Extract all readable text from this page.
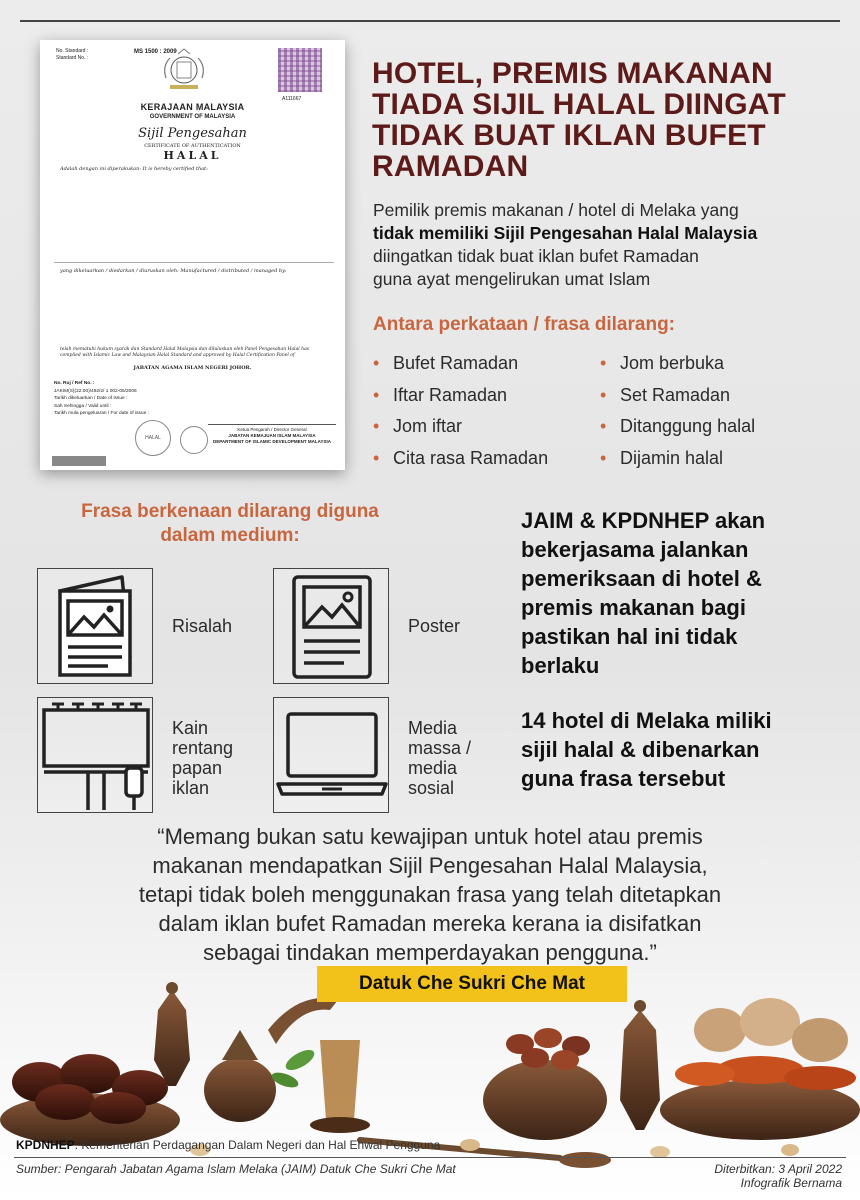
No. Standard :
Standard No. :
MS 1500 : 2009
A111667
KERAJAAN MALAYSIA
GOVERNMENT OF MALAYSIA
Sijil Pengesahan
CERTIFICATE OF AUTHENTICATION
HALAL
Adalah dengan ini diperakukan: It is hereby certified that:
yang dikeluarkan / diedarkan / diuruskan oleh: Manufactured / distributed / managed by:
telah mematuhi hukum syarak dan Standard Halal Malaysia dan diluluskan oleh Panel Pengesahan Halal has complied with Islamic Law and Malaysian Halal Standard and approved by Halal Certification Panel of
JABATAN AGAMA ISLAM NEGERI JOHOR.
No. Ruj / Ref No. :
JAKIM(S)(22.00)/492/2/ 1 002-05/2006
Tarikh dikeluarkan / Date of issue :
Sah Sehingga / Valid until :
Tarikh mula pengeluaran / For date of issue :
HALAL
Ketua Pengarah / Director General
JABATAN KEMAJUAN ISLAM MALAYSIA
DEPARTMENT OF ISLAMIC DEVELOPMENT MALAYSIA
HOTEL, PREMIS MAKANAN TIADA SIJIL HALAL DIINGAT TIDAK BUAT IKLAN BUFET RAMADAN
Pemilik premis makanan / hotel di Melaka yang
tidak memiliki Sijil Pengesahan Halal Malaysia
diingatkan tidak buat iklan bufet Ramadan
guna ayat mengelirukan umat Islam
Antara perkataan / frasa dilarang:
• Bufet Ramadan
• Iftar Ramadan
• Jom iftar
• Cita rasa Ramadan
• Jom berbuka
• Set Ramadan
• Ditanggung halal
• Dijamin halal
Frasa berkenaan dilarang diguna
dalam medium:
Risalah	Poster
Kain
rentang
papan
iklan
Media
massa /
media
sosial
JAIM & KPDNHEP akan
bekerjasama jalankan
pemeriksaan di hotel &
premis makanan bagi
pastikan hal ini tidak
berlaku
14 hotel di Melaka miliki
sijil halal & dibenarkan
guna frasa tersebut
“Memang bukan satu kewajipan untuk hotel atau premis
makanan mendapatkan Sijil Pengesahan Halal Malaysia,
tetapi tidak boleh menggunakan frasa yang telah ditetapkan
dalam iklan bufet Ramadan mereka kerana ia disifatkan
sebagai tindakan memperdayakan pengguna.”
Datuk Che Sukri Che Mat
KPDNHEP: Kementerian Perdagangan Dalam Negeri dan Hal Ehwal Pengguna
Sumber: Pengarah Jabatan Agama Islam Melaka (JAIM) Datuk Che Sukri Che Mat	Diterbitkan: 3 April 2022
Infografik Bernama
